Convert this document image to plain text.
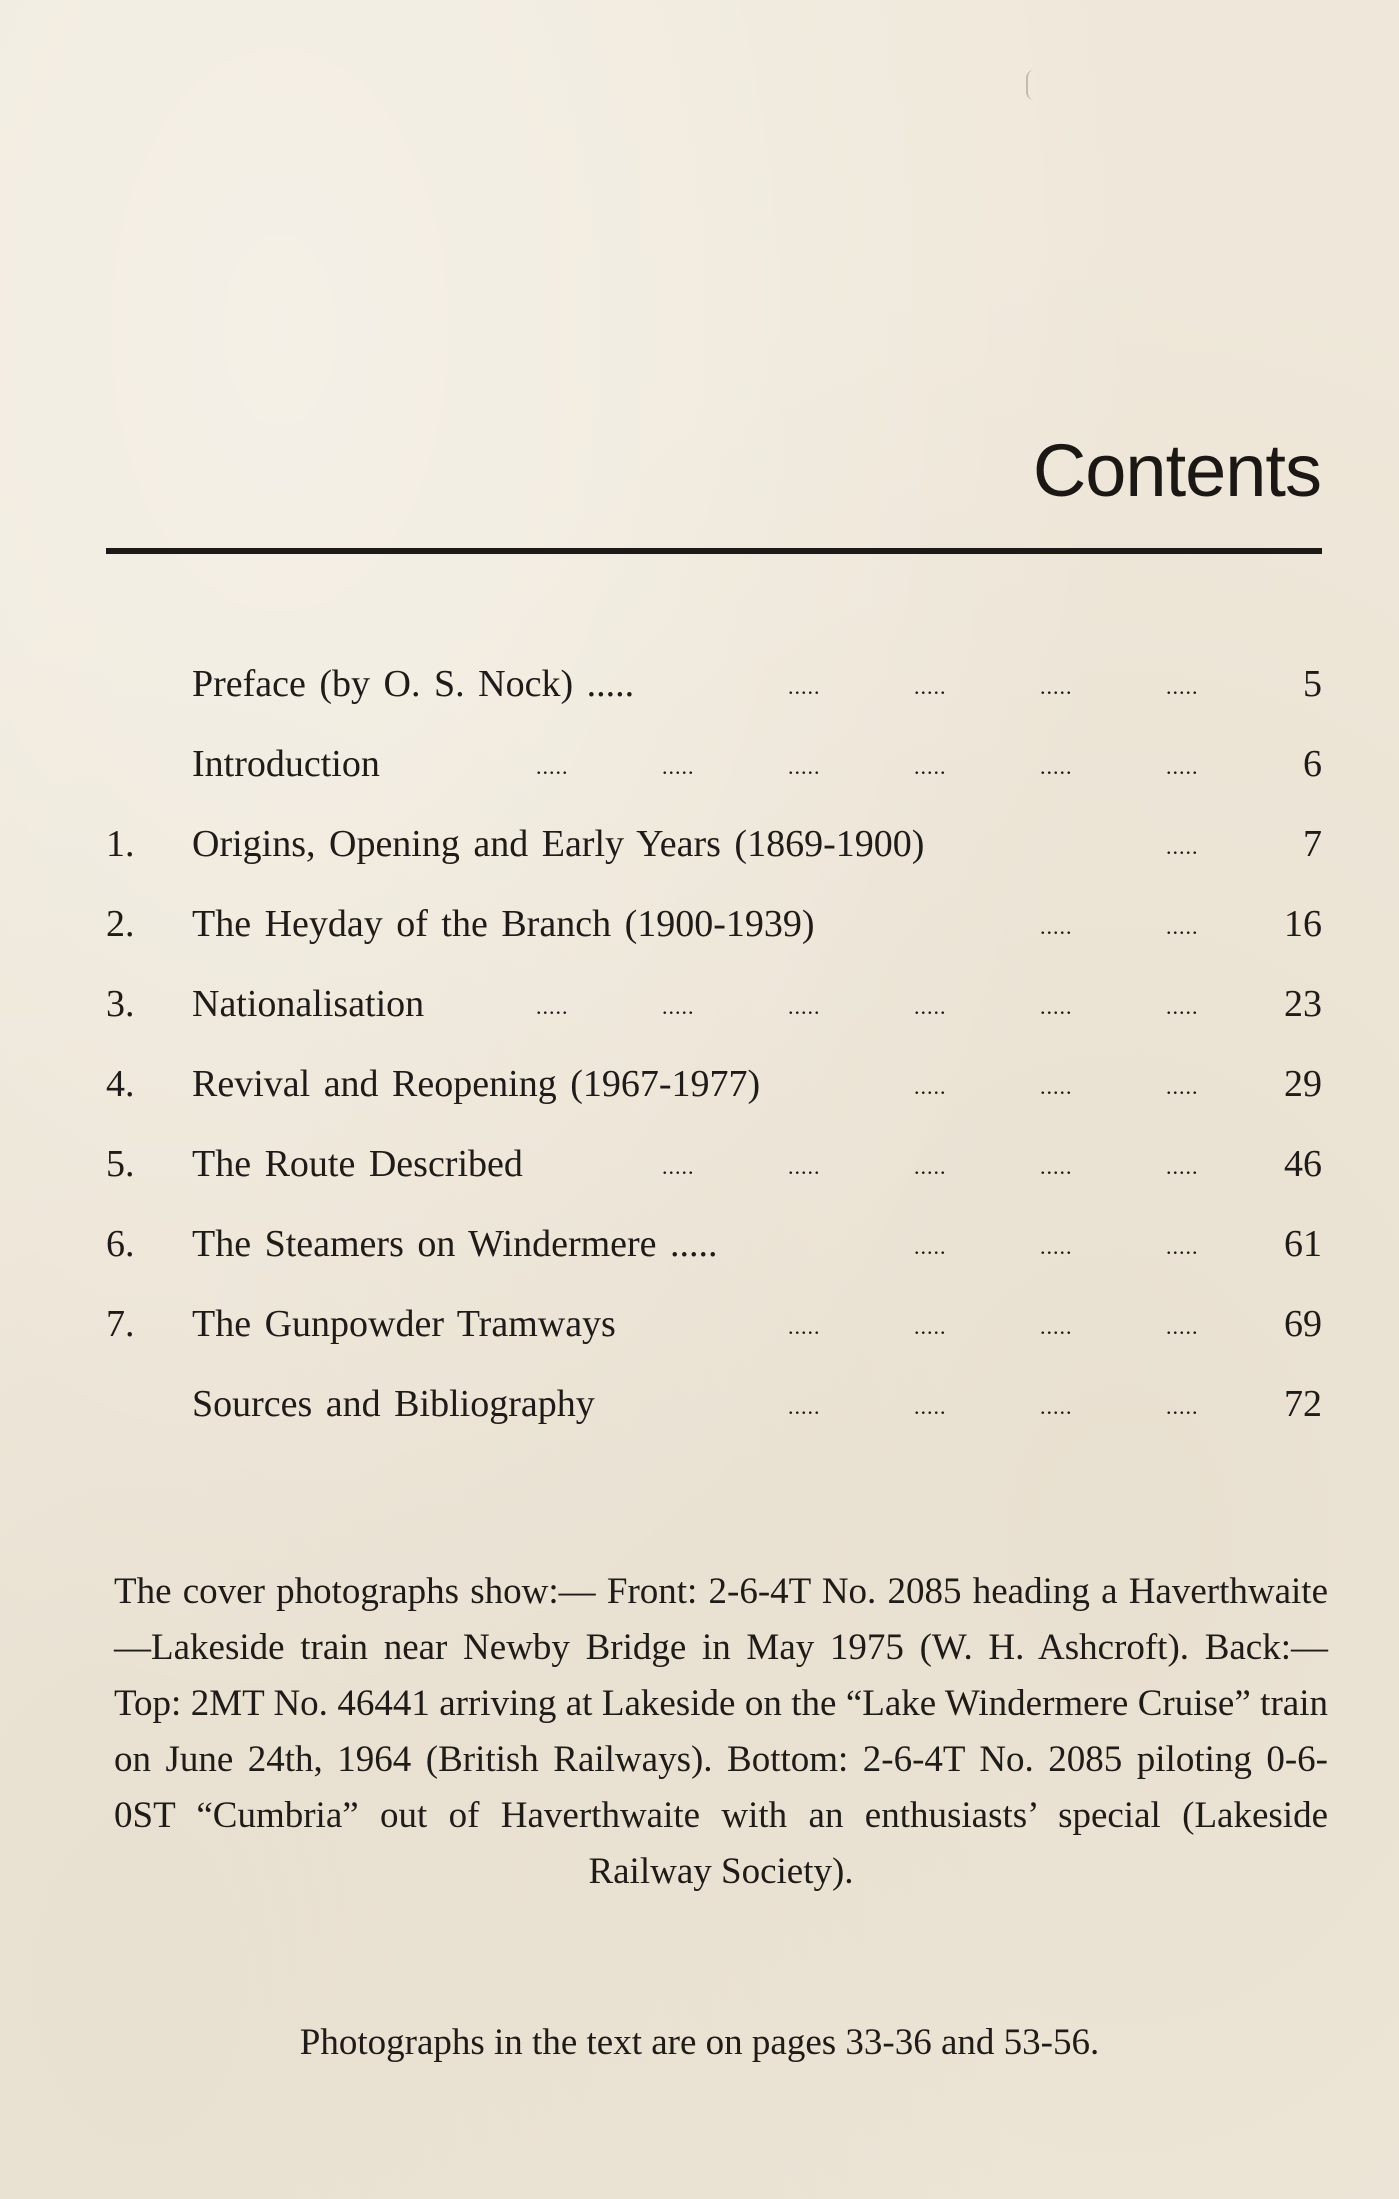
Contents
Preface (by O. S. Nock) .....	.....	.....	.....	.....	5
Introduction	.....	.....	.....	.....	.....	.....	6
1.	Origins, Opening and Early Years (1869-1900)	.....	7
2.	The Heyday of the Branch (1900-1939)	.....	..... 16
3.	Nationalisation	.....	.....	.....	.....	.....	..... 23
4.	Revival and Reopening (1967-1977)	.....	.....	..... 29
5.	The Route Described	.....	.....	.....	.....	..... 46
6.	The Steamers on Windermere .....	.....	.....	..... 61
7.	The Gunpowder Tramways	.....	.....	.....	..... 69
Sources and Bibliography	.....	.....	.....	..... 72
The cover photographs show:— Front: 2-6-4T No. 2085 heading a Haverthwaite—Lakeside train near Newby Bridge in May 1975 (W. H. Ashcroft). Back:— Top: 2MT No. 46441 arriving at Lakeside on the “Lake Windermere Cruise” train on June 24th, 1964 (British Railways). Bottom: 2-6-4T No. 2085 piloting 0-6-0ST “Cumbria” out of Haverthwaite with an enthusiasts’ special (Lakeside Railway Society).
Photographs in the text are on pages 33-36 and 53-56.
